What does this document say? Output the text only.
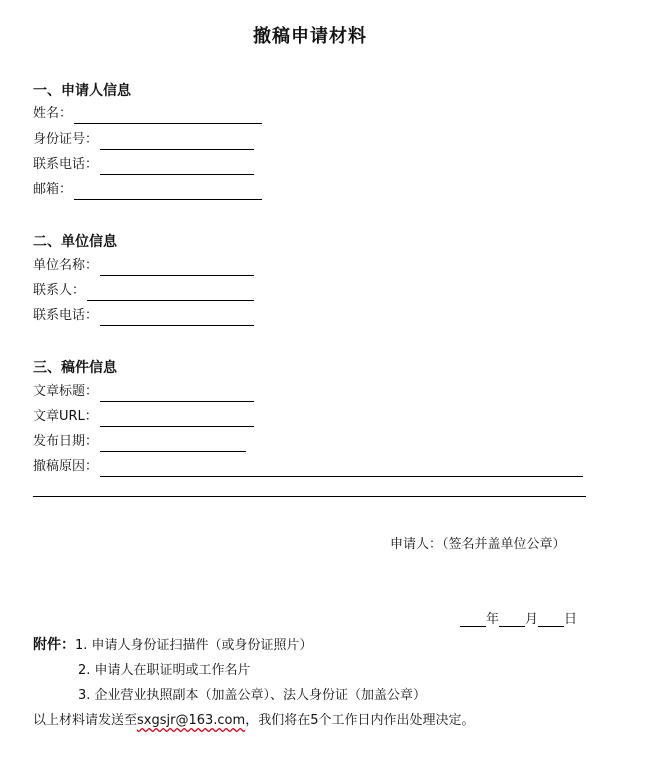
撤稿申请材料
一、申请人信息
姓名：
身份证号：
联系电话：
邮箱：
二、单位信息
单位名称：
联系人：
联系电话：
三、稿件信息
文章标题：
文章URL：
发布日期：
撤稿原因：
申请人：（签名并盖单位公章）
年 月 日
附件：1. 申请人身份证扫描件（或身份证照片）
2. 申请人在职证明或工作名片
3. 企业营业执照副本（加盖公章）、法人身份证（加盖公章）
以上材料请发送至sxgsjr@163.com，我们将在5个工作日内作出处理决定。
